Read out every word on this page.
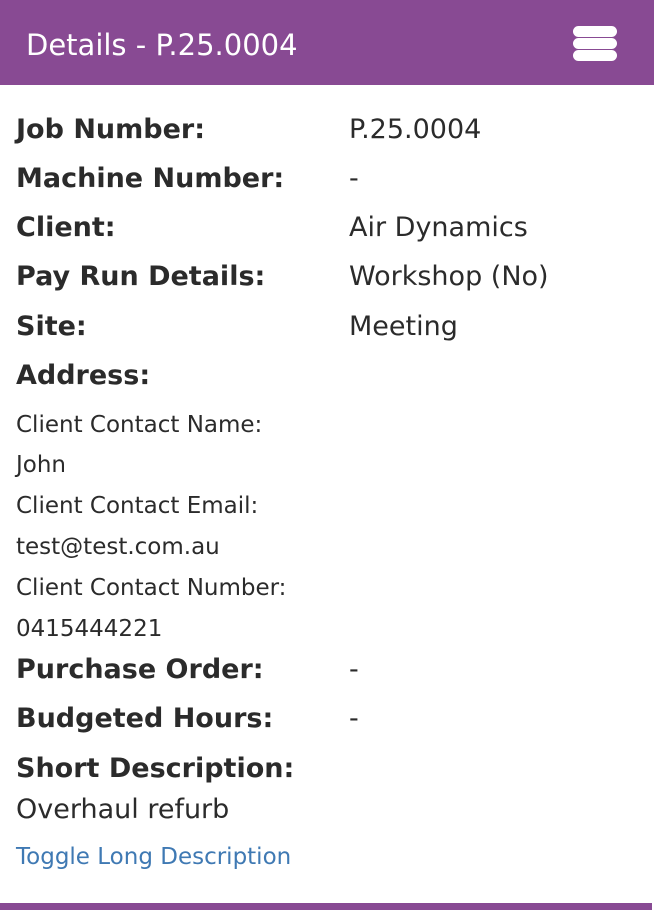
Details - P.25.0004
Job Number:	P.25.0004
Machine Number: -
Client:	Air Dynamics
Pay Run Details:	Workshop (No)
Site:	Meeting
Address:
Client Contact Name:
John
Client Contact Email:
test@test.com.au
Client Contact Number:
0415444221
Purchase Order:	-
Budgeted Hours:	-
Short Description:
Overhaul refurb
Toggle Long Description
